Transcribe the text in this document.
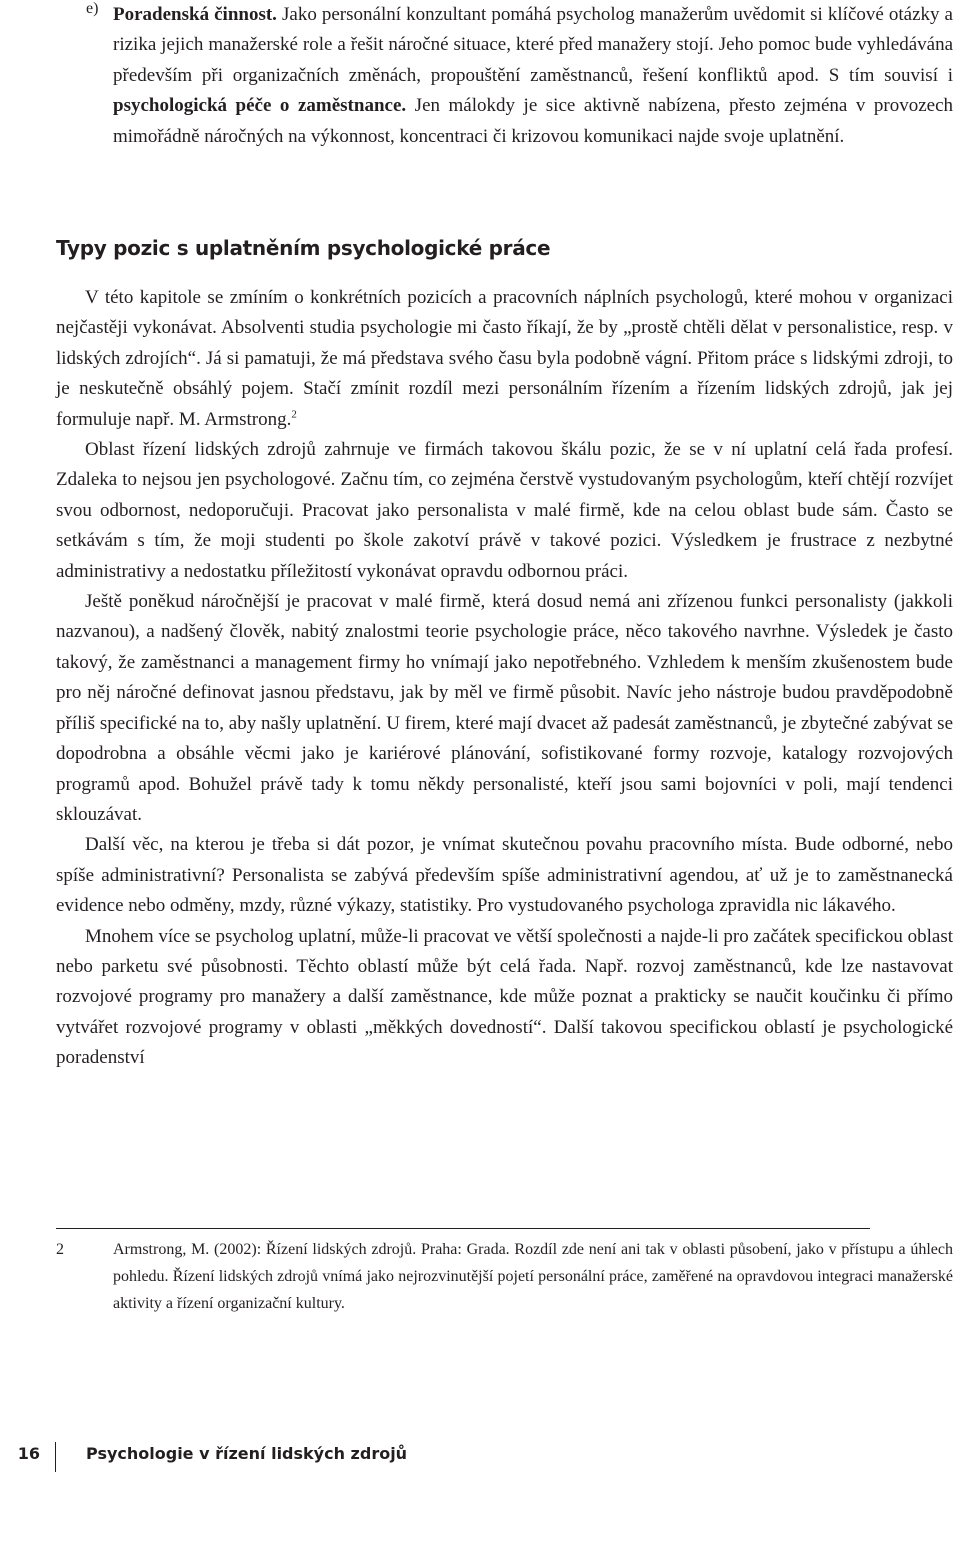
e) Poradenská činnost. Jako personální konzultant pomáhá psycholog manažerům uvědomit si klíčové otázky a rizika jejich manažerské role a řešit náročné situace, které před manažery stojí. Jeho pomoc bude vyhledávána především při organizačních změnách, propouštění zaměstnanců, řešení konfliktů apod. S tím souvisí i psychologická péče o zaměstnance. Jen málokdy je sice aktivně nabízena, přesto zejména v provozech mimořádně náročných na výkonnost, koncentraci či krizovou komunikaci najde svoje uplatnění.

Typy pozic s uplatněním psychologické práce

V této kapitole se zmíním o konkrétních pozicích a pracovních náplních psychologů, které mohou v organizaci nejčastěji vykonávat. Absolventi studia psychologie mi často říkají, že by „prostě chtěli dělat v personalistice, resp. v lidských zdrojích“. Já si pamatuji, že má představa svého času byla podobně vágní. Přitom práce s lidskými zdroji, to je neskutečně obsáhlý pojem. Stačí zmínit rozdíl mezi personálním řízením a řízením lidských zdrojů, jak jej formuluje např. M. Armstrong.$^2$

Oblast řízení lidských zdrojů zahrnuje ve firmách takovou škálu pozic, že se v ní uplatní celá řada profesí. Zdaleka to nejsou jen psychologové. Začnu tím, co zejména čerstvě vystudovaným psychologům, kteří chtějí rozvíjet svou odbornost, nedoporučuji. Pracovat jako personalista v malé firmě, kde na celou oblast bude sám. Často se setkávám s tím, že moji studenti po škole zakotví právě v takové pozici. Výsledkem je frustrace z nezbytné administrativy a nedostatku příležitostí vykonávat opravdu odbornou práci.

Ještě poněkud náročnější je pracovat v malé firmě, která dosud nemá ani zřízenou funkci personalisty (jakkoli nazvanou), a nadšený člověk, nabitý znalostmi teorie psychologie práce, něco takového navrhne. Výsledek je často takový, že zaměstnanci a management firmy ho vnímají jako nepotřebného. Vzhledem k menším zkušenostem bude pro něj náročné definovat jasnou představu, jak by měl ve firmě působit. Navíc jeho nástroje budou pravděpodobně příliš specifické na to, aby našly uplatnění. U firem, které mají dvacet až padesát zaměstnanců, je zbytečné zabývat se dopodrobna a obsáhle věcmi jako je kariérové plánování, sofistikované formy rozvoje, katalogy rozvojových programů apod. Bohužel právě tady k tomu někdy personalisté, kteří jsou sami bojovníci v poli, mají tendenci sklouzávat.

Další věc, na kterou je třeba si dát pozor, je vnímat skutečnou povahu pracovního místa. Bude odborné, nebo spíše administrativní? Personalista se zabývá především spíše administrativní agendou, ať už je to zaměstnanecká evidence nebo odměny, mzdy, různé výkazy, statistiky. Pro vystudovaného psychologa zpravidla nic lákavého.

Mnohem více se psycholog uplatní, může-li pracovat ve větší společnosti a najde-li pro začátek specifickou oblast nebo parketu své působnosti. Těchto oblastí může být celá řada. Např. rozvoj zaměstnanců, kde lze nastavovat rozvojové programy pro manažery a další zaměstnance, kde může poznat a prakticky se naučit koučinku či přímo vytvářet rozvojové programy v oblasti „měkkých dovedností“. Další takovou specifickou oblastí je psychologické poradenství

2	Armstrong, M. (2002): Řízení lidských zdrojů. Praha: Grada. Rozdíl zde není ani tak v oblasti působení, jako v přístupu a úhlech pohledu. Řízení lidských zdrojů vnímá jako nejrozvinutější pojetí personální práce, zaměřené na opravdovou integraci manažerské aktivity a řízení organizační kultury.

16	Psychologie v řízení lidských zdrojů
